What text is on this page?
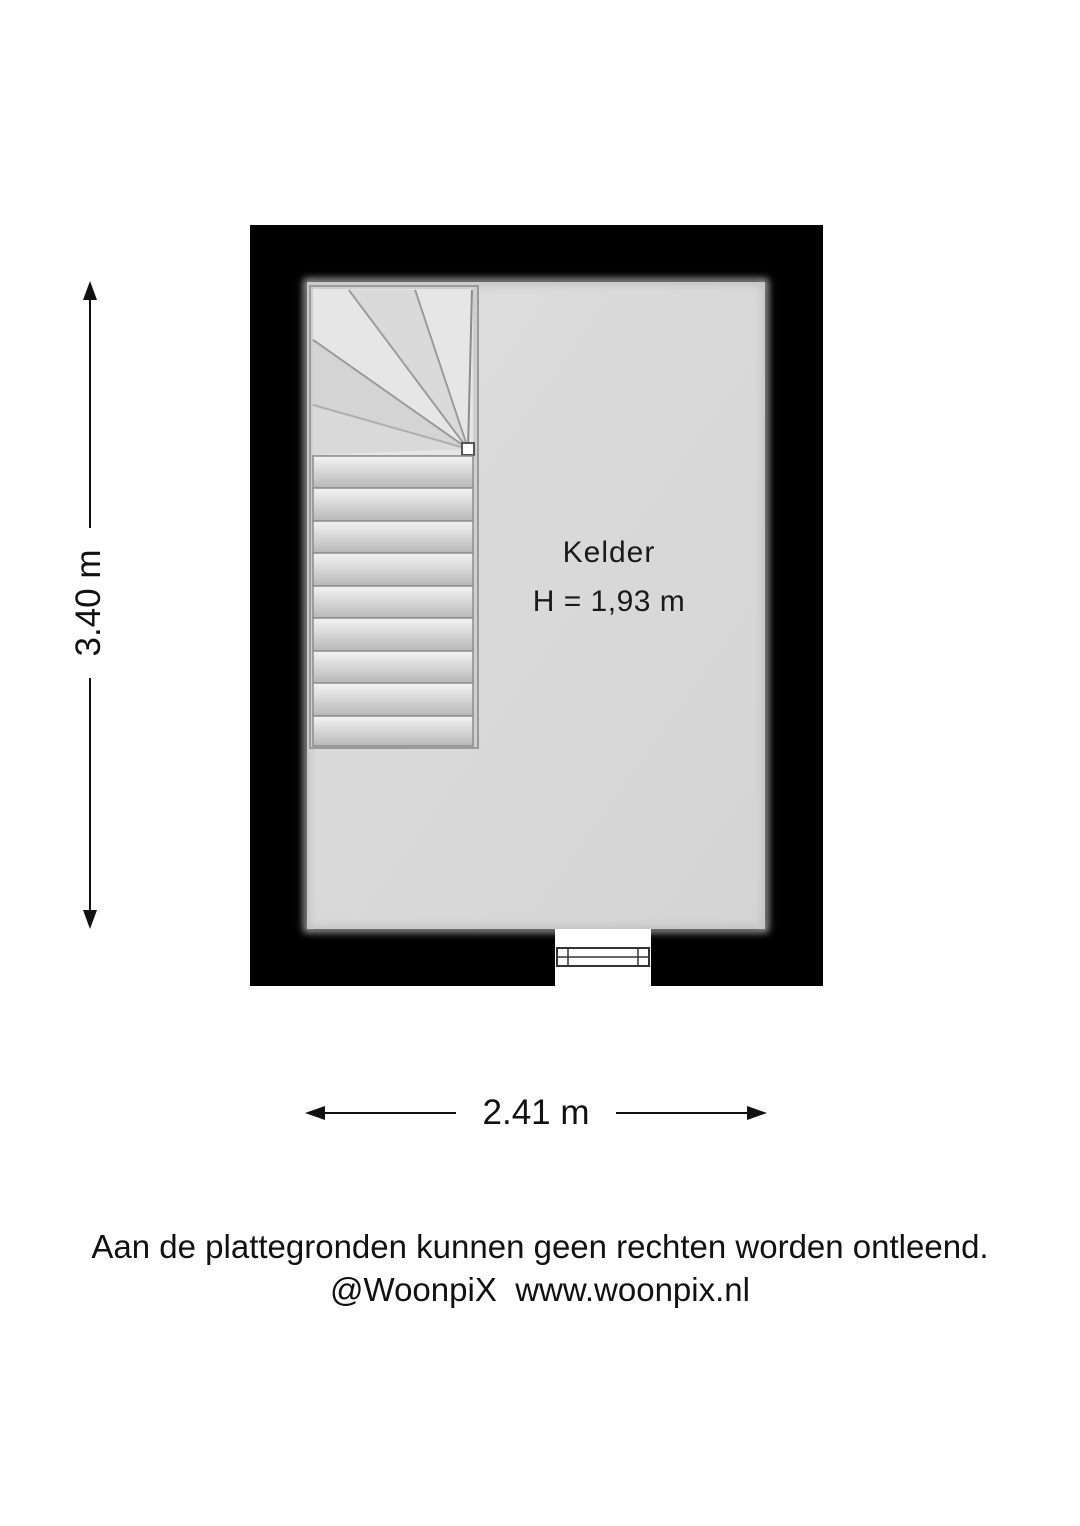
Kelder
H = 1,93 m
2.41 m
3.40 m
Aan de plattegronden kunnen geen rechten worden ontleend.
@WoonpiX www.woonpix.nl
